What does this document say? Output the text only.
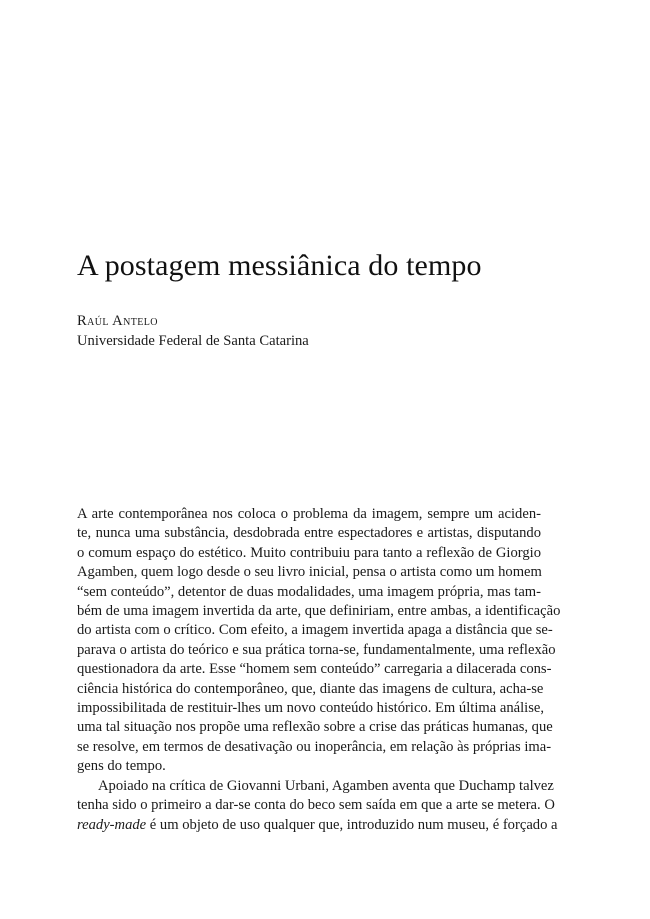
A postagem messiânica do tempo
Raúl Antelo
Universidade Federal de Santa Catarina
A arte contemporânea nos coloca o problema da imagem, sempre um aciden-
te, nunca uma substância, desdobrada entre espectadores e artistas, disputando
o comum espaço do estético. Muito contribuiu para tanto a reflexão de Giorgio
Agamben, quem logo desde o seu livro inicial, pensa o artista como um homem
“sem conteúdo”, detentor de duas modalidades, uma imagem própria, mas tam-
bém de uma imagem invertida da arte, que definiriam, entre ambas, a identificação
do artista com o crítico. Com efeito, a imagem invertida apaga a distância que se-
parava o artista do teórico e sua prática torna-se, fundamentalmente, uma reflexão
questionadora da arte. Esse “homem sem conteúdo” carregaria a dilacerada cons-
ciência histórica do contemporâneo, que, diante das imagens de cultura, acha-se
impossibilitada de restituir-lhes um novo conteúdo histórico. Em última análise,
uma tal situação nos propõe uma reflexão sobre a crise das práticas humanas, que
se resolve, em termos de desativação ou inoperância, em relação às próprias ima-
gens do tempo.
Apoiado na crítica de Giovanni Urbani, Agamben aventa que Duchamp talvez
tenha sido o primeiro a dar-se conta do beco sem saída em que a arte se metera. O
ready-made é um objeto de uso qualquer que, introduzido num museu, é forçado a
